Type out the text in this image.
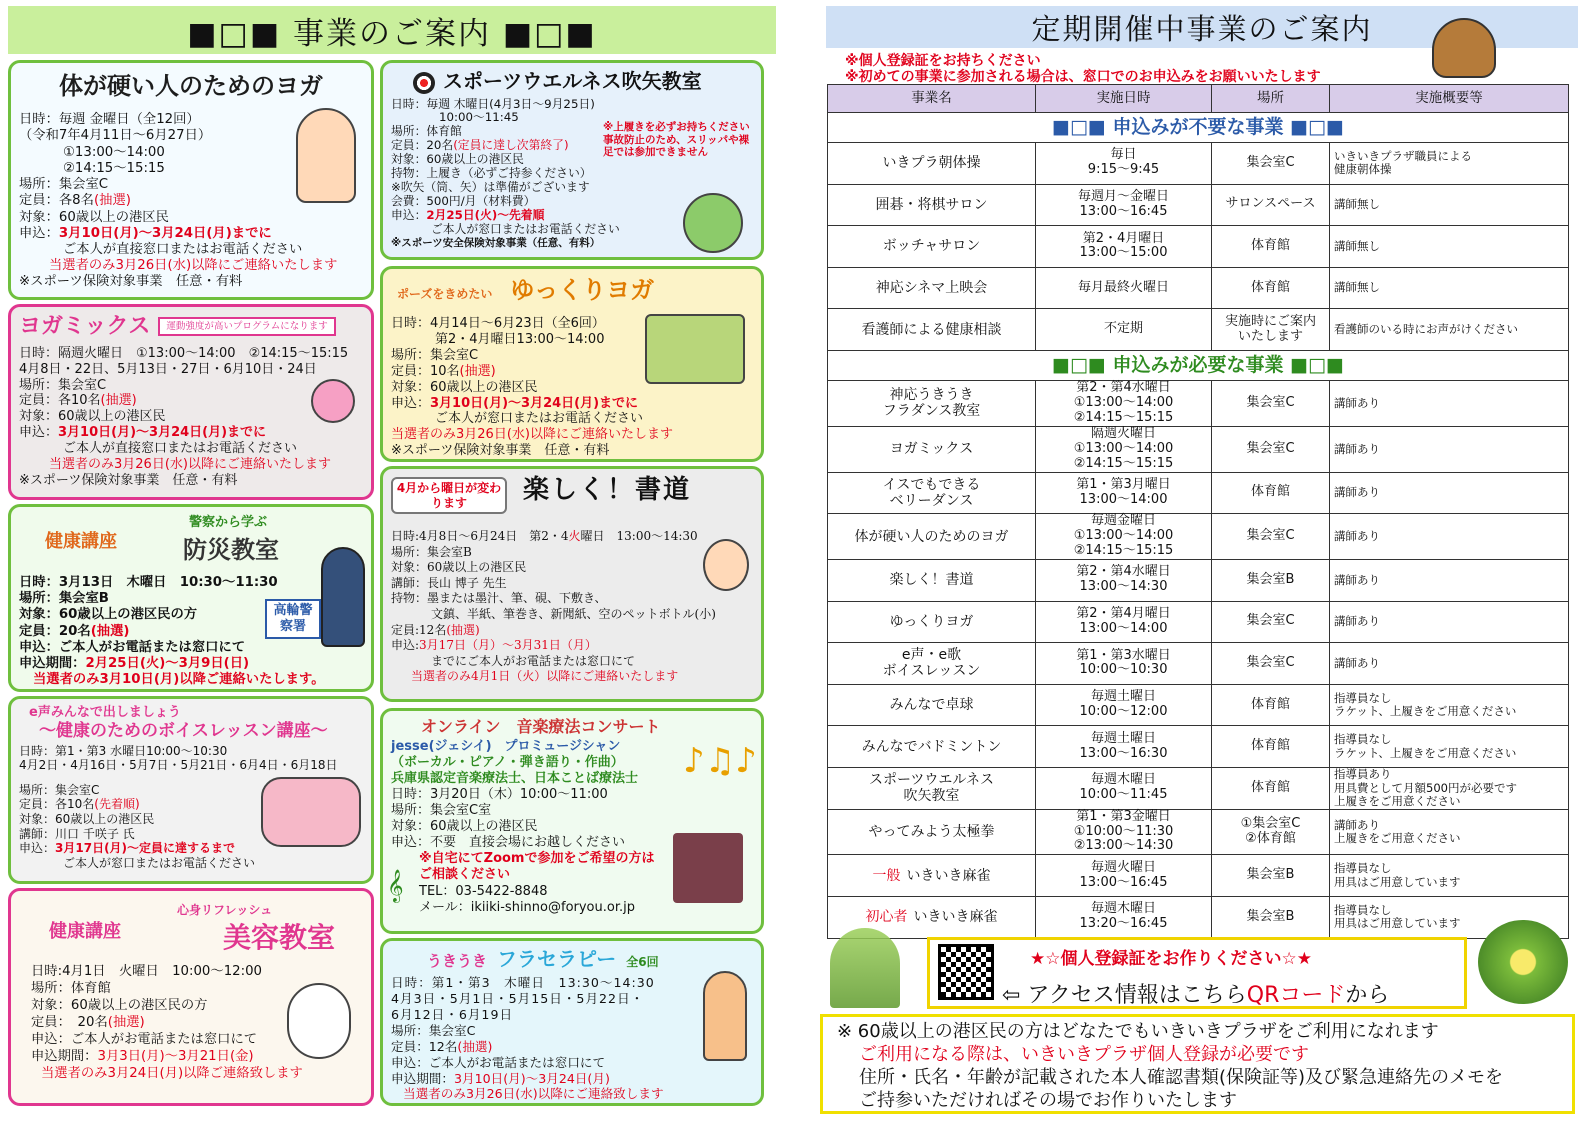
■□■ 事業のご案内 ■□■
体が硬い人のためのヨガ
日時：毎週 金曜日（全12回）
（令和7年4月11日～6月27日）
①13:00～14:00
②14:15～15:15
場所：集会室C
定員：各8名(抽選)
対象：60歳以上の港区民
申込：3月10日(月)～3月24日(月)までに
ご本人が直接窓口またはお電話ください
当選者のみ3月26日(水)以降にご連絡いたします
※スポーツ保険対象事業　任意・有料
スポーツウエルネス吹矢教室
日時：毎週 木曜日(4月3日～9月25日)
10:00～11:45
場所：体育館
定員：20名(定員に達し次第終了)
対象：60歳以上の港区民
持物：上履き（必ずご持参ください）
※吹矢（筒、矢）は準備がございます
会費：500円/月（材料費）
申込：2月25日(火)～先着順
ご本人が窓口またはお電話ください
※スポーツ安全保険対象事業（任意、有料）
※上履きを必ずお持ちください 事故防止のため、スリッパや裸足では参加できません
ヨガミックス	運動強度が高いプログラムになります
日時：隔週火曜日　①13:00～14:00　②14:15～15:15
4月8日・22日、5月13日・27日・6月10日・24日
場所：集会室C
定員：各10名(抽選)
対象：60歳以上の港区民
申込：3月10日(月)～3月24日(月)までに
ご本人が直接窓口またはお電話ください
当選者のみ3月26日(水)以降にご連絡いたします
※スポーツ保険対象事業　任意・有料
ポーズをきめたい ゆっくりヨガ
日時：4月14日～6月23日（全6回）
第2・4月曜日13:00～14:00
場所：集会室C
定員：10名(抽選)
対象：60歳以上の港区民
申込：3月10日(月)～3月24日(月)までに
ご本人が窓口またはお電話ください
当選者のみ3月26日(水)以降にご連絡いたします
※スポーツ保険対象事業　任意・有料
健康講座
警察から学ぶ
防災教室
日時：3月13日　木曜日　10:30～11:30
場所：集会室B
対象：60歳以上の港区民の方
定員：20名(抽選)
申込：ご本人がお電話または窓口にて
申込期間：2月25日(火)～3月9日(日)
当選者のみ3月10日(月)以降ご連絡いたします。
高輪警察署
4月から曜日が変わります	楽しく！書道
日時:4月8日～6月24日　第2・4火曜日　13:00～14:30
場所：集会室B
対象：60歳以上の港区民
講師：長山 博子 先生
持物：墨または墨汁、筆、硯、下敷き、
文鎮、半紙、筆巻き、新聞紙、空のペットボトル(小)
定員:12名(抽選)
申込:3月17日（月）～3月31日（月）
までにご本人がお電話または窓口にて
当選者のみ4月1日（火）以降にご連絡いたします
e声みんなで出しましょう
～健康のためのボイスレッスン講座～
日時：第1・第3 水曜日10:00～10:30
4月2日・4月16日・5月7日・5月21日・6月4日・6月18日
場所：集会室C
定員：各10名(先着順)
対象：60歳以上の港区民
講師：川口 千咲子 氏
申込：3月17日(月)～定員に達するまで
ご本人が窓口またはお電話ください
オンライン　音楽療法コンサート
jesse(ジェシイ)　プロミュージシャン
（ボーカル・ピアノ・弾き語り・作曲）
兵庫県認定音楽療法士、日本ことば療法士
日時：3月20日（木）10:00～11:00
場所：集会室C室
対象：60歳以上の港区民
申込：不要　直接会場にお越しください
※自宅にてZoomで参加をご希望の方は
ご相談ください
TEL：03-5422-8848
メール：ikiiki-shinno@foryou.or.jp
♪♫♪
𝄞
健康講座
心身リフレッシュ
美容教室
日時:4月1日　火曜日　10:00～12:00
場所：体育館
対象：60歳以上の港区民の方
定員：　20名(抽選)
申込：ご本人がお電話または窓口にて
申込期間：3月3日(月)～3月21日(金)
当選者のみ3月24日(月)以降ご連絡致します
うきうき フラセラピー 全6回
日時：第1・第3　木曜日　13:30～14:30
4月3日・5月1日・5月15日・5月22日・
6月12日・6月19日
場所：集会室C
定員：12名(抽選)
申込：ご本人がお電話または窓口にて
申込期間：3月10日(月)～3月24日(月)
当選者のみ3月26日(水)以降にご連絡致します
定期開催中事業のご案内
※個人登録証をお持ちください
※初めての事業に参加される場合は、窓口でのお申込みをお願いいたします
事業名	実施日時	場所	実施概要等
■□■ 申込みが不要な事業 ■□■			
いきプラ朝体操	毎日
9:15～9:45	集会室C	いきいきプラザ職員による
健康朝体操
囲碁・将棋サロン	毎週月～金曜日
13:00～16:45	サロンスペース	講師無し
ボッチャサロン	第2・4月曜日
13:00～15:00	体育館	講師無し
神応シネマ上映会	毎月最終火曜日	体育館	講師無し
看護師による健康相談	不定期	実施時にご案内
いたします	看護師のいる時にお声がけください
■□■ 申込みが必要な事業 ■□■			
神応うきうき
フラダンス教室	第2・第4水曜日
①13:00～14:00
②14:15～15:15	集会室C	講師あり
ヨガミックス	隔週火曜日
①13:00～14:00
②14:15～15:15	集会室C	講師あり
イスでもできる
ベリーダンス	第1・第3月曜日
13:00～14:00	体育館	講師あり
体が硬い人のためのヨガ	毎週金曜日
①13:00～14:00
②14:15～15:15	集会室C	講師あり
楽しく！書道	第2・第4水曜日
13:00～14:30	集会室B	講師あり
ゆっくりヨガ	第2・第4月曜日
13:00～14:00	集会室C	講師あり
e声・e歌
ボイスレッスン	第1・第3水曜日
10:00～10:30	集会室C	講師あり
みんなで卓球	毎週土曜日
10:00～12:00	体育館	指導員なし
ラケット、上履きをご用意ください
みんなでバドミントン	毎週土曜日
13:00～16:30	体育館	指導員なし
ラケット、上履きをご用意ください
スポーツウエルネス
吹矢教室	毎週木曜日
10:00～11:45	体育館	指導員あり
用具費として月額500円が必要です
上履きをご用意ください
やってみよう太極拳	第1・第3金曜日
①10:00～11:30
②13:00～14:30	①集会室C
②体育館	講師あり
上履きをご用意ください
一般 いきいき麻雀	毎週火曜日
13:00～16:45	集会室B	指導員なし
用具はご用意しています
初心者 いきいき麻雀	毎週木曜日
13:20～16:45	集会室B	指導員なし
用具はご用意しています
★☆個人登録証をお作りください☆★
⇦ アクセス情報はこちらQRコードから
※ 60歳以上の港区民の方はどなたでもいきいきプラザをご利用になれます
ご利用になる際は、いきいきプラザ個人登録が必要です
住所・氏名・年齢が記載された本人確認書類(保険証等)及び緊急連絡先のメモを
ご持参いただければその場でお作りいたします
